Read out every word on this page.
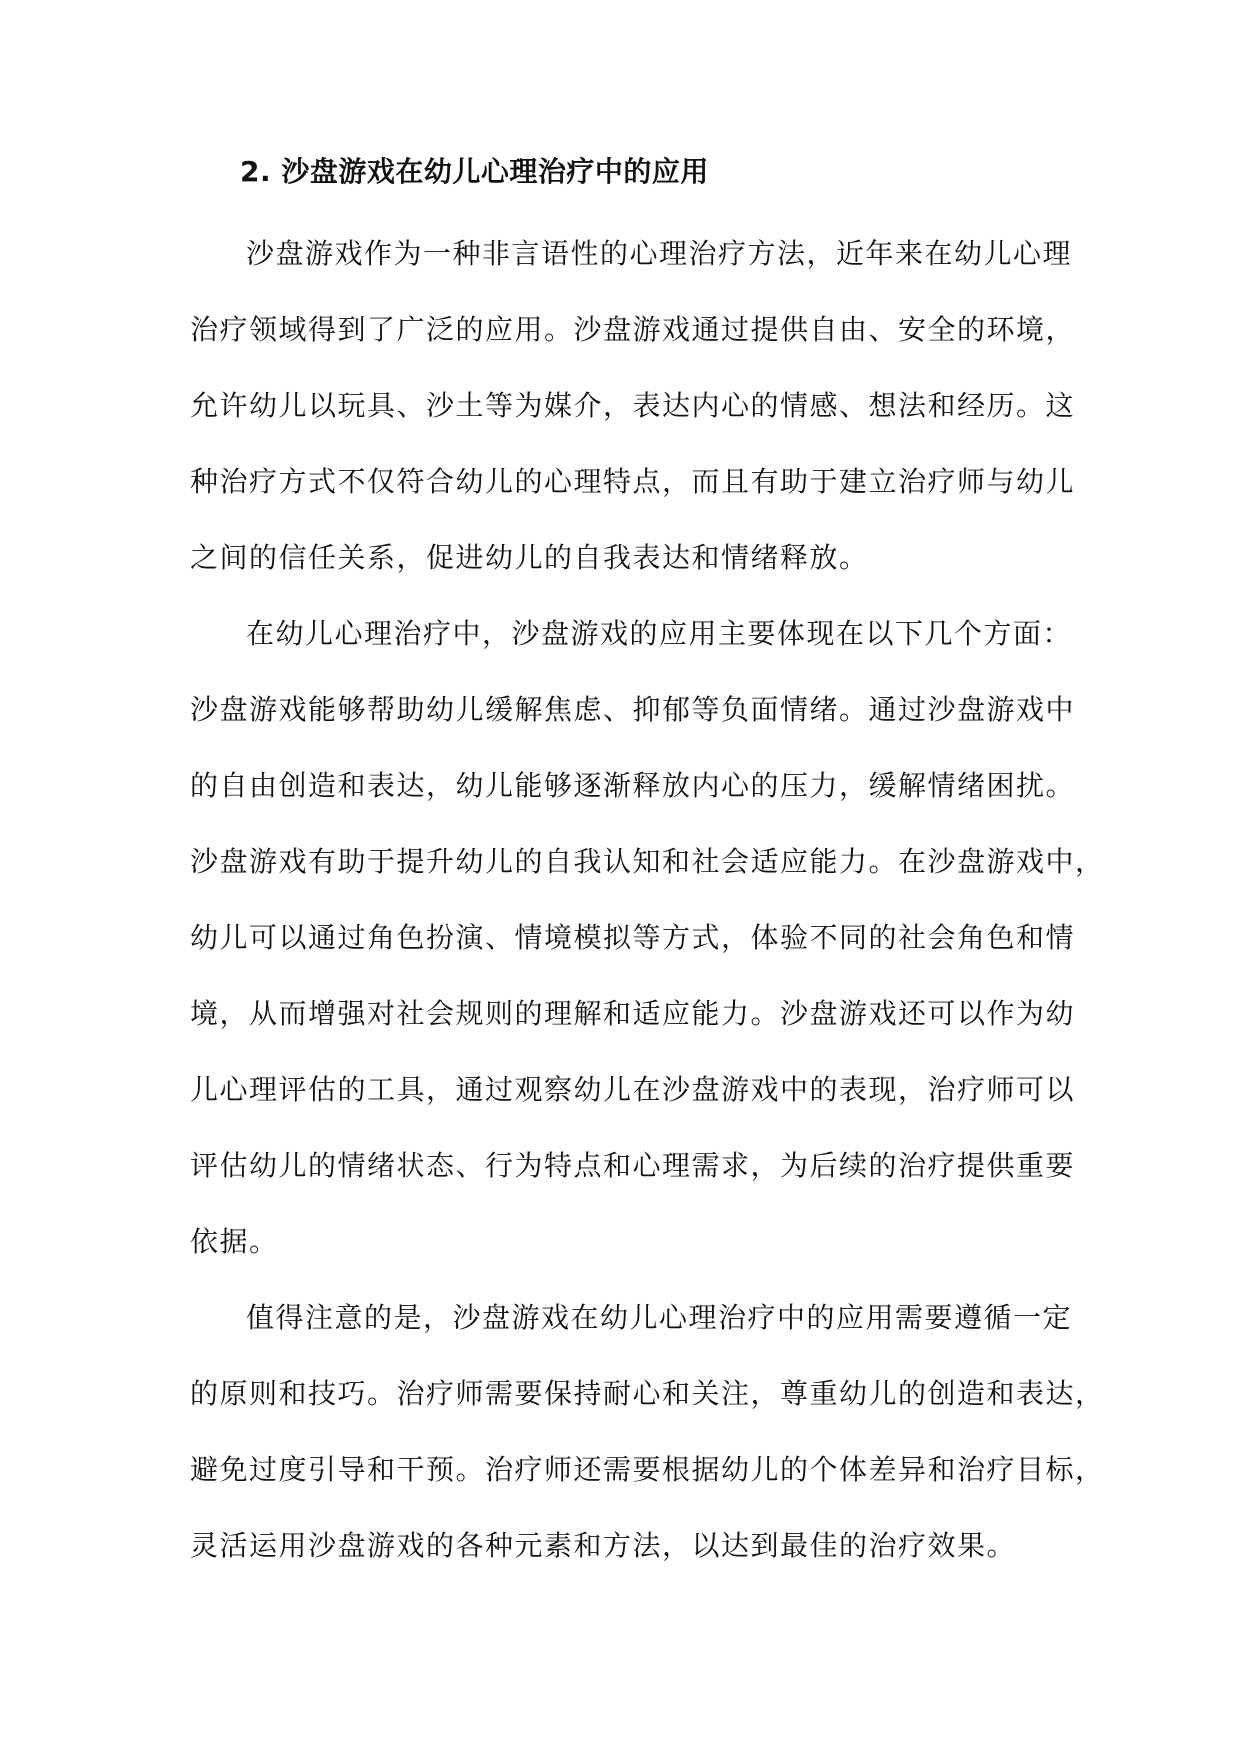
2. 沙盘游戏在幼儿心理治疗中的应用
沙盘游戏作为一种非言语性的心理治疗方法，近年来在幼儿心理
治疗领域得到了广泛的应用。沙盘游戏通过提供自由、安全的环境，
允许幼儿以玩具、沙土等为媒介，表达内心的情感、想法和经历。这
种治疗方式不仅符合幼儿的心理特点，而且有助于建立治疗师与幼儿
之间的信任关系，促进幼儿的自我表达和情绪释放。
在幼儿心理治疗中，沙盘游戏的应用主要体现在以下几个方面：
沙盘游戏能够帮助幼儿缓解焦虑、抑郁等负面情绪。通过沙盘游戏中
的自由创造和表达，幼儿能够逐渐释放内心的压力，缓解情绪困扰。
沙盘游戏有助于提升幼儿的自我认知和社会适应能力。在沙盘游戏中，
幼儿可以通过角色扮演、情境模拟等方式，体验不同的社会角色和情
境，从而增强对社会规则的理解和适应能力。沙盘游戏还可以作为幼
儿心理评估的工具，通过观察幼儿在沙盘游戏中的表现，治疗师可以
评估幼儿的情绪状态、行为特点和心理需求，为后续的治疗提供重要
依据。
值得注意的是，沙盘游戏在幼儿心理治疗中的应用需要遵循一定
的原则和技巧。治疗师需要保持耐心和关注，尊重幼儿的创造和表达，
避免过度引导和干预。治疗师还需要根据幼儿的个体差异和治疗目标，
灵活运用沙盘游戏的各种元素和方法，以达到最佳的治疗效果。
